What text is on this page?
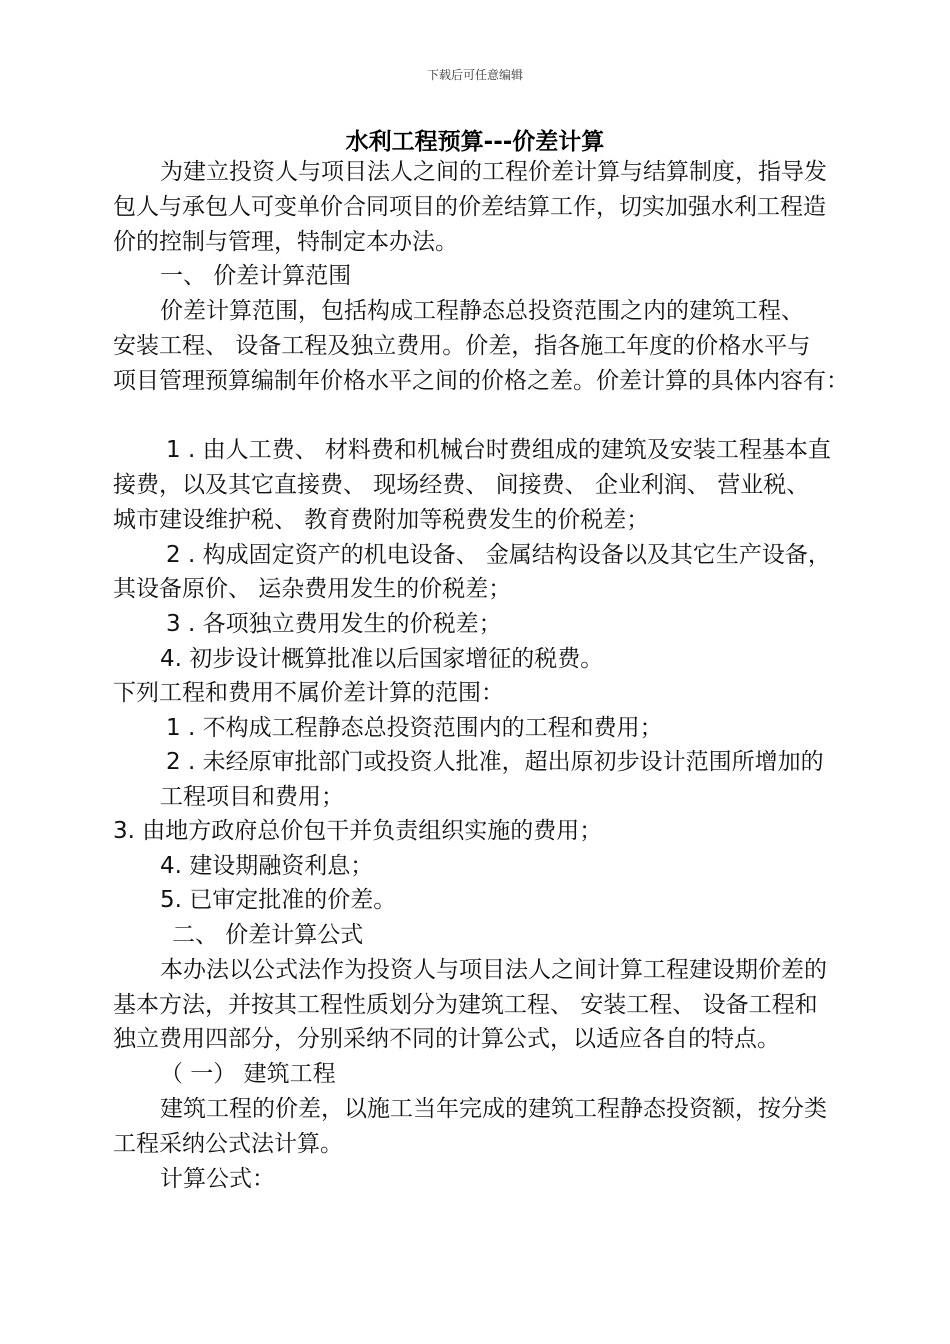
下载后可任意编辑
水利工程预算---价差计算
为建立投资人与项目法人之间的工程价差计算与结算制度，指导发
包人与承包人可变单价合同项目的价差结算工作，切实加强水利工程造
价的控制与管理，特制定本办法。
一、 价差计算范围
价差计算范围，包括构成工程静态总投资范围之内的建筑工程、
安装工程、 设备工程及独立费用。价差，指各施工年度的价格水平与
项目管理预算编制年价格水平之间的价格之差。价差计算的具体内容有：
1 . 由人工费、 材料费和机械台时费组成的建筑及安装工程基本直
接费，以及其它直接费、 现场经费、 间接费、 企业利润、 营业税、
城市建设维护税、 教育费附加等税费发生的价税差；
2 . 构成固定资产的机电设备、 金属结构设备以及其它生产设备，
其设备原价、 运杂费用发生的价税差；
3 . 各项独立费用发生的价税差；
4. 初步设计概算批准以后国家增征的税费。
下列工程和费用不属价差计算的范围：
1 . 不构成工程静态总投资范围内的工程和费用；
2 . 未经原审批部门或投资人批准，超出原初步设计范围所增加的
工程项目和费用；
3. 由地方政府总价包干并负责组织实施的费用；
4. 建设期融资利息；
5. 已审定批准的价差。
二、 价差计算公式
本办法以公式法作为投资人与项目法人之间计算工程建设期价差的
基本方法，并按其工程性质划分为建筑工程、 安装工程、 设备工程和
独立费用四部分，分别采纳不同的计算公式，以适应各自的特点。
（ 一） 建筑工程
建筑工程的价差，以施工当年完成的建筑工程静态投资额，按分类
工程采纳公式法计算。
计算公式：
